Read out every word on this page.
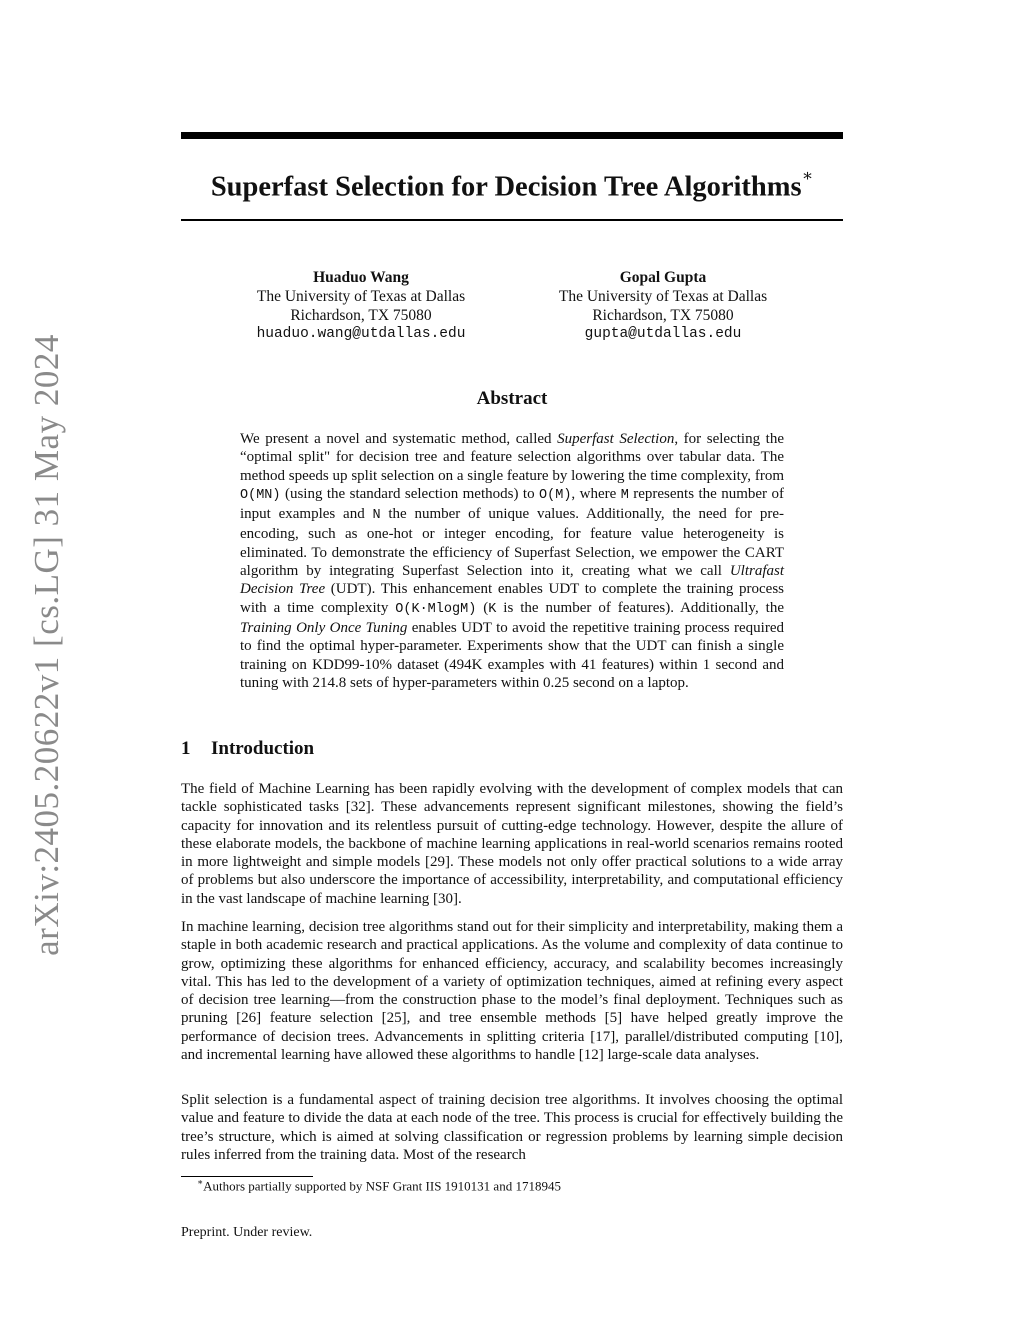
arXiv:2405.20622v1 [cs.LG] 31 May 2024
Superfast Selection for Decision Tree Algorithms∗
Huaduo Wang
The University of Texas at Dallas
Richardson, TX 75080
huaduo.wang@utdallas.edu
Gopal Gupta
The University of Texas at Dallas
Richardson, TX 75080
gupta@utdallas.edu
Abstract
We present a novel and systematic method, called Superfast Selection, for selecting the “optimal split" for decision tree and feature selection algorithms over tabular data. The method speeds up split selection on a single feature by lowering the time complexity, from O(MN) (using the standard selection methods) to O(M), where M represents the number of input examples and N the number of unique values. Additionally, the need for pre-encoding, such as one-hot or integer encoding, for feature value heterogeneity is eliminated. To demonstrate the efficiency of Superfast Selection, we empower the CART algorithm by integrating Superfast Selection into it, creating what we call Ultrafast Decision Tree (UDT). This enhancement enables UDT to complete the training process with a time complexity O(K·MlogM) (K is the number of features). Additionally, the Training Only Once Tuning enables UDT to avoid the repetitive training process required to find the optimal hyper-parameter. Experiments show that the UDT can finish a single training on KDD99-10% dataset (494K examples with 41 features) within 1 second and tuning with 214.8 sets of hyper-parameters within 0.25 second on a laptop.
1 Introduction
The field of Machine Learning has been rapidly evolving with the development of complex models that can tackle sophisticated tasks [32]. These advancements represent significant milestones, showing the field’s capacity for innovation and its relentless pursuit of cutting-edge technology. However, despite the allure of these elaborate models, the backbone of machine learning applications in real-world scenarios remains rooted in more lightweight and simple models [29]. These models not only offer practical solutions to a wide array of problems but also underscore the importance of accessibility, interpretability, and computational efficiency in the vast landscape of machine learning [30].
In machine learning, decision tree algorithms stand out for their simplicity and interpretability, making them a staple in both academic research and practical applications. As the volume and complexity of data continue to grow, optimizing these algorithms for enhanced efficiency, accuracy, and scalability becomes increasingly vital. This has led to the development of a variety of optimization techniques, aimed at refining every aspect of decision tree learning—from the construction phase to the model’s final deployment. Techniques such as pruning [26] feature selection [25], and tree ensemble methods [5] have helped greatly improve the performance of decision trees. Advancements in splitting criteria [17], parallel/distributed computing [10], and incremental learning have allowed these algorithms to handle [12] large-scale data analyses.
Split selection is a fundamental aspect of training decision tree algorithms. It involves choosing the optimal value and feature to divide the data at each node of the tree. This process is crucial for effectively building the tree’s structure, which is aimed at solving classification or regression problems by learning simple decision rules inferred from the training data. Most of the research
∗Authors partially supported by NSF Grant IIS 1910131 and 1718945
Preprint. Under review.
